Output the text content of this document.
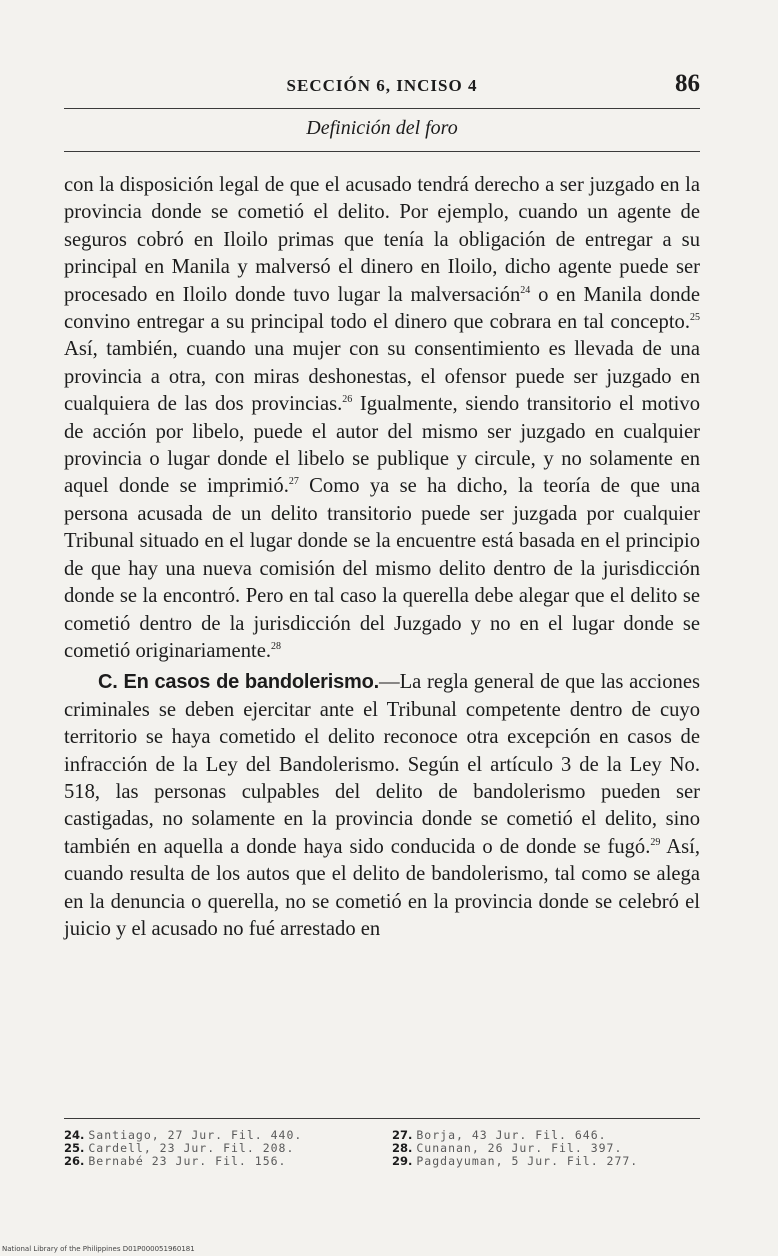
SECCIÓN 6, INCISO 4	86
Definición del foro

con la disposición legal de que el acusado tendrá derecho a ser juzgado en la provincia donde se cometió el delito. Por ejemplo, cuando un agente de seguros cobró en Iloilo primas que tenía la obligación de entregar a su principal en Manila y malversó el dinero en Iloilo, dicho agente puede ser procesado en Iloilo donde tuvo lugar la malversación$^{24}$ o en Manila donde convino entregar a su principal todo el dinero que cobrara en tal concepto.$^{25}$ Así, también, cuando una mujer con su consentimiento es llevada de una provincia a otra, con miras deshonestas, el ofensor puede ser juzgado en cualquiera de las dos provincias.$^{26}$ Igualmente, siendo transitorio el motivo de acción por libelo, puede el autor del mismo ser juzgado en cualquier provincia o lugar donde el libelo se publique y circule, y no solamente en aquel donde se imprimió.$^{27}$ Como ya se ha dicho, la teoría de que una persona acusada de un delito transitorio puede ser juzgada por cualquier Tribunal situado en el lugar donde se la encuentre está basada en el principio de que hay una nueva comisión del mismo delito dentro de la jurisdicción donde se la encontró. Pero en tal caso la querella debe alegar que el delito se cometió dentro de la jurisdicción del Juzgado y no en el lugar donde se cometió originariamente.$^{28}$

C. En casos de bandolerismo.—La regla general de que las acciones criminales se deben ejercitar ante el Tribunal competente dentro de cuyo territorio se haya cometido el delito reconoce otra excepción en casos de infracción de la Ley del Bandolerismo. Según el artículo 3 de la Ley No. 518, las personas culpables del delito de bandolerismo pueden ser castigadas, no solamente en la provincia donde se cometió el delito, sino también en aquella a donde haya sido conducida o de donde se fugó.$^{29}$ Así, cuando resulta de los autos que el delito de bandolerismo, tal como se alega en la denuncia o querella, no se cometió en la provincia donde se celebró el juicio y el acusado no fué arrestado en

24. Santiago, 27 Jur. Fil. 440.
25. Cardell, 23 Jur. Fil. 208.
26. Bernabé 23 Jur. Fil. 156.
27. Borja, 43 Jur. Fil. 646.
28. Cunanan, 26 Jur. Fil. 397.
29. Pagdayuman, 5 Jur. Fil. 277.
National Library of the Philippines D01P000051960181
